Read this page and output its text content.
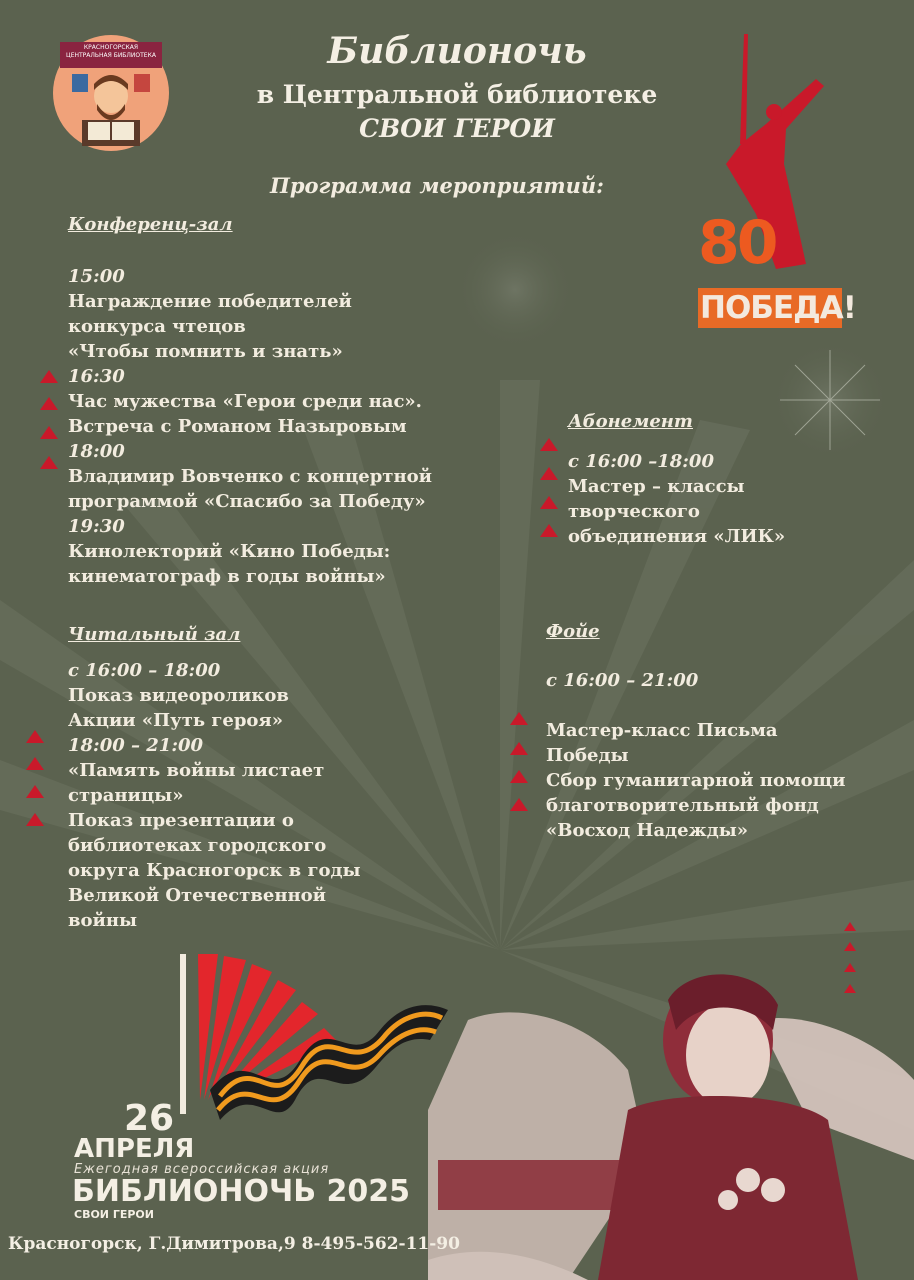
КРАСНОГОРСКАЯ ЦЕНТРАЛЬНАЯ БИБЛИОТЕКА	Библионочь
в Центральной библиотеке
СВОИ ГЕРОИ
Программа мероприятий:
80
ПОБЕДА!
Конференц-зал
15:00
Награждение победителей
конкурса чтецов
«Чтобы помнить и знать»
16:30
Час мужества «Герои среди нас».
Встреча с Романом Назыровым
18:00
Владимир Вовченко с концертной
программой «Спасибо за Победу»
19:30
Кинолекторий «Кино Победы:
кинематограф в годы войны»
Абонемент
с 16:00 –18:00
Мастер – классы
творческого
объединения «ЛИК»
Читальный зал
с 16:00 – 18:00
Показ видеороликов
Акции «Путь героя»
18:00 – 21:00
«Память войны листает
страницы»
Показ презентации о
библиотеках городского
округа Красногорск в годы
Великой Отечественной
войны
Фойе
с 16:00 – 21:00
Мастер-класс Письма
Победы
Сбор гуманитарной помощи
благотворительный фонд
«Восход Надежды»
26
АПРЕЛЯ
Ежегодная всероссийская акция
БИБЛИОНОЧЬ 2025
СВОИ ГЕРОИ
Красногорск, Г.Димитрова,9 8-495-562-11-90
